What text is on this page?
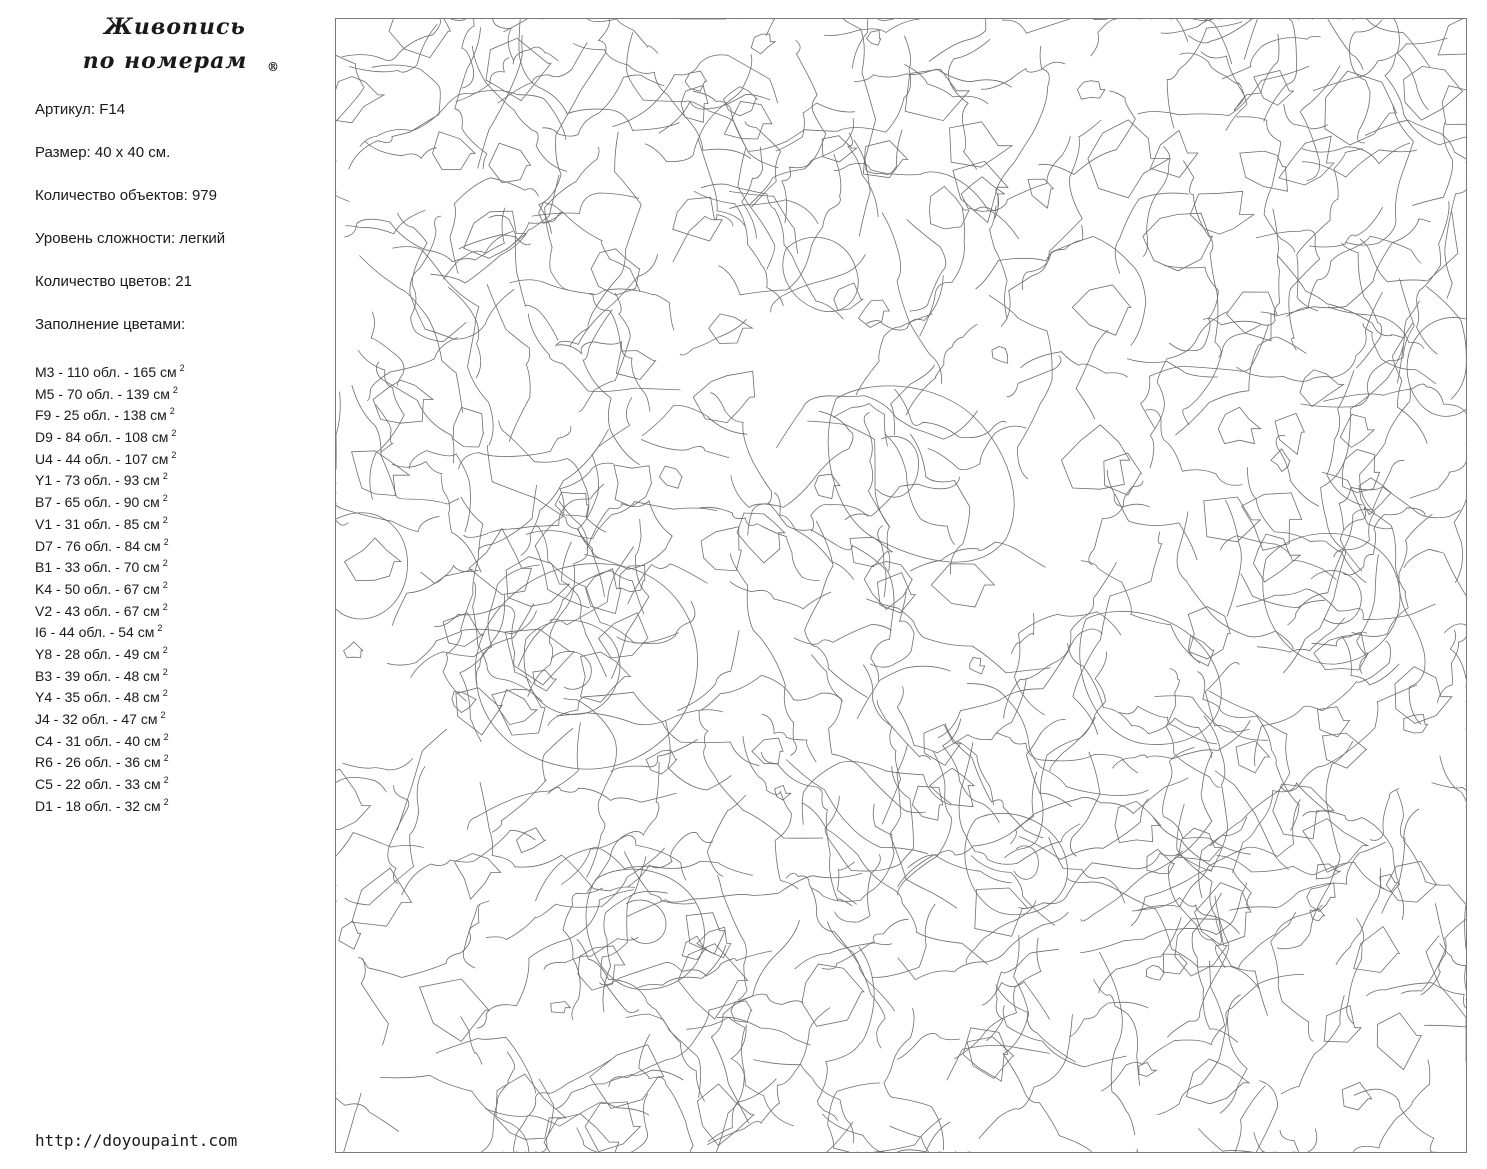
Живопись
по номерам	®
Артикул: F14
Размер: 40 х 40 см.
Количество объектов: 979
Уровень сложности: легкий
Количество цветов: 21
Заполнение цветами:
M3 - 110 обл. - 165 см $^2$
M5 - 70 обл. - 139 см $^2$
F9 - 25 обл. - 138 см $^2$
D9 - 84 обл. - 108 см $^2$
U4 - 44 обл. - 107 см $^2$
Y1 - 73 обл. - 93 см $^2$
B7 - 65 обл. - 90 см $^2$
V1 - 31 обл. - 85 см $^2$
D7 - 76 обл. - 84 см $^2$
B1 - 33 обл. - 70 см $^2$
K4 - 50 обл. - 67 см $^2$
V2 - 43 обл. - 67 см $^2$
I6 - 44 обл. - 54 см $^2$
Y8 - 28 обл. - 49 см $^2$
B3 - 39 обл. - 48 см $^2$
Y4 - 35 обл. - 48 см $^2$
J4 - 32 обл. - 47 см $^2$
C4 - 31 обл. - 40 см $^2$
R6 - 26 обл. - 36 см $^2$
C5 - 22 обл. - 33 см $^2$
D1 - 18 обл. - 32 см $^2$
http://doyoupaint.com
